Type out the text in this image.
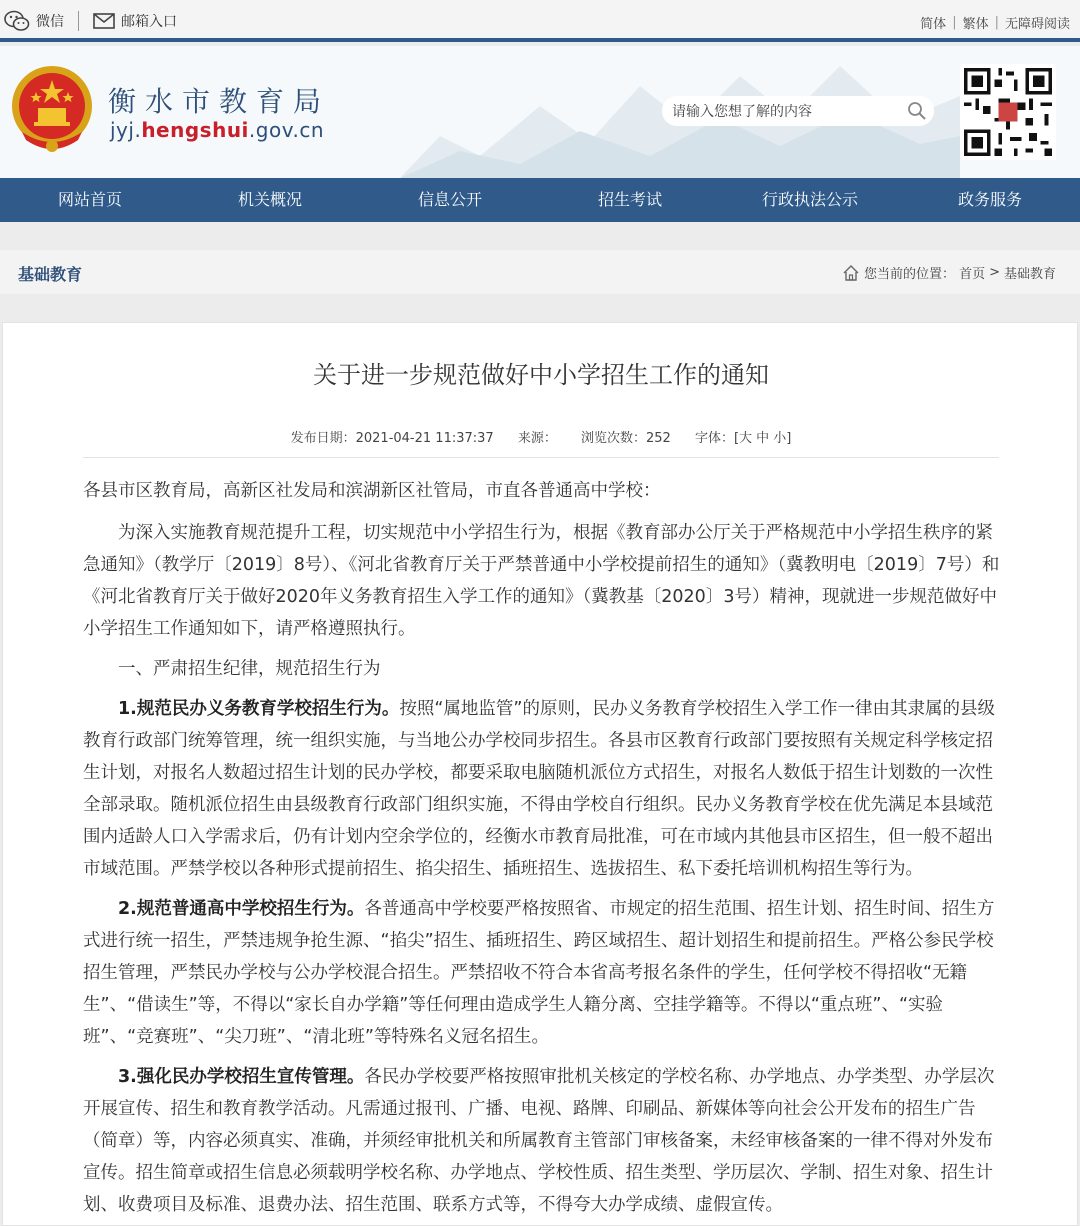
微信	邮箱入口	简体 | 繁体 | 无障碍阅读
衡水市教育局
jyj.hengshui.gov.cn
请输入您想了解的内容
网站首页	机关概况	信息公开	招生考试	行政执法公示	政务服务
基础教育	您当前的位置： 首页 > 基础教育
关于进一步规范做好中小学招生工作的通知
发布日期：2021-04-21 11:37:37 来源： 浏览次数：252 字体：[大 中 小]

各县市区教育局，高新区社发局和滨湖新区社管局，市直各普通高中学校：

为深入实施教育规范提升工程，切实规范中小学招生行为，根据《教育部办公厅关于严格规范中小学招生秩序的紧急通知》（教学厅〔2019〕8号）、《河北省教育厅关于严禁普通中小学校提前招生的通知》（冀教明电〔2019〕7号）和《河北省教育厅关于做好2020年义务教育招生入学工作的通知》（冀教基〔2020〕3号）精神，现就进一步规范做好中小学招生工作通知如下，请严格遵照执行。

一、严肃招生纪律，规范招生行为

1.规范民办义务教育学校招生行为。按照“属地监管”的原则，民办义务教育学校招生入学工作一律由其隶属的县级教育行政部门统筹管理，统一组织实施，与当地公办学校同步招生。各县市区教育行政部门要按照有关规定科学核定招生计划，对报名人数超过招生计划的民办学校，都要采取电脑随机派位方式招生，对报名人数低于招生计划数的一次性全部录取。随机派位招生由县级教育行政部门组织实施，不得由学校自行组织。民办义务教育学校在优先满足本县域范围内适龄人口入学需求后，仍有计划内空余学位的，经衡水市教育局批准，可在市域内其他县市区招生，但一般不超出市域范围。严禁学校以各种形式提前招生、掐尖招生、插班招生、选拔招生、私下委托培训机构招生等行为。

2.规范普通高中学校招生行为。各普通高中学校要严格按照省、市规定的招生范围、招生计划、招生时间、招生方式进行统一招生，严禁违规争抢生源、“掐尖”招生、插班招生、跨区域招生、超计划招生和提前招生。严格公参民学校招生管理，严禁民办学校与公办学校混合招生。严禁招收不符合本省高考报名条件的学生，任何学校不得招收“无籍生”、“借读生”等，不得以“家长自办学籍”等任何理由造成学生人籍分离、空挂学籍等。不得以“重点班”、“实验班”、“竞赛班”、“尖刀班”、“清北班”等特殊名义冠名招生。

3.强化民办学校招生宣传管理。各民办学校要严格按照审批机关核定的学校名称、办学地点、办学类型、办学层次开展宣传、招生和教育教学活动。凡需通过报刊、广播、电视、路牌、印刷品、新媒体等向社会公开发布的招生广告（简章）等，内容必须真实、准确，并须经审批机关和所属教育主管部门审核备案，未经审核备案的一律不得对外发布宣传。招生简章或招生信息必须载明学校名称、办学地点、学校性质、招生类型、学历层次、学制、招生对象、招生计划、收费项目及标准、退费办法、招生范围、联系方式等，不得夸大办学成绩、虚假宣传。
